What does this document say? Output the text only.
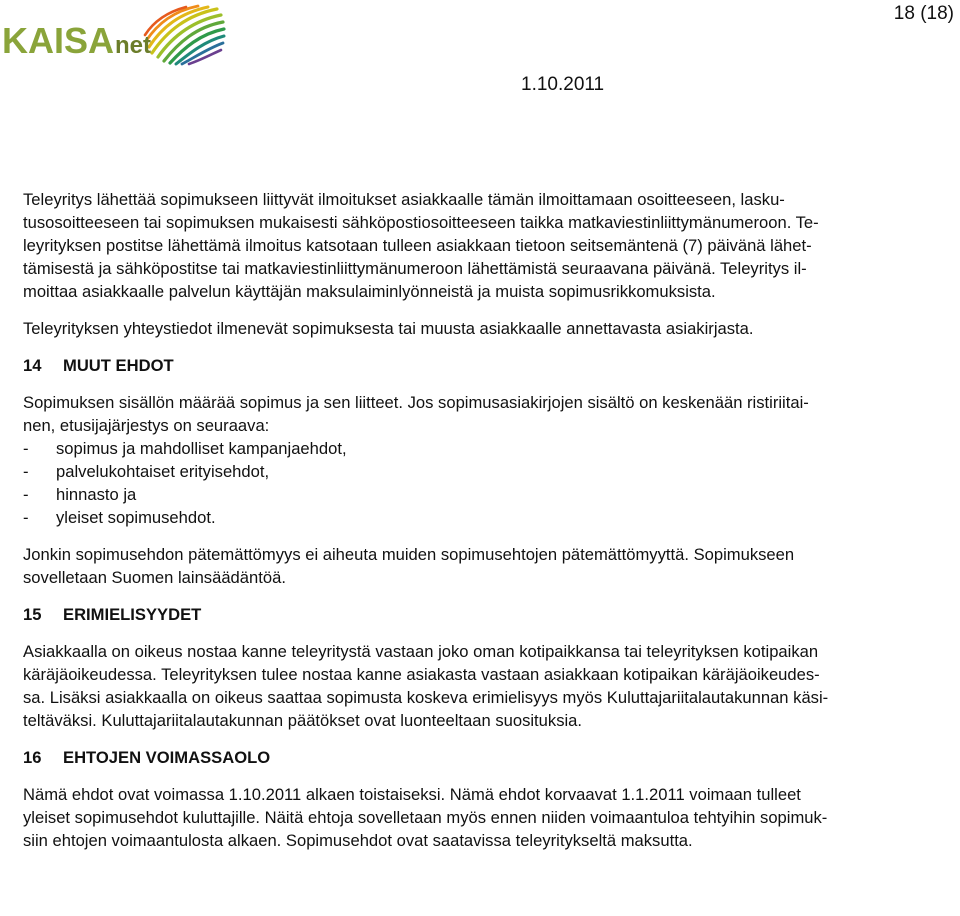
KAISA net
18 (18)
1.10.2011

Teleyritys lähettää sopimukseen liittyvät ilmoitukset asiakkaalle tämän ilmoittamaan osoitteeseen, lasku-
tusosoitteeseen tai sopimuksen mukaisesti sähköpostiosoitteeseen taikka matkaviestinliittymänumeroon. Te-
leyrityksen postitse lähettämä ilmoitus katsotaan tulleen asiakkaan tietoon seitsemäntenä (7) päivänä lähet-
tämisestä ja sähköpostitse tai matkaviestinliittymänumeroon lähettämistä seuraavana päivänä. Teleyritys il-
moittaa asiakkaalle palvelun käyttäjän maksulaiminlyönneistä ja muista sopimusrikkomuksista.

Teleyrityksen yhteystiedot ilmenevät sopimuksesta tai muusta asiakkaalle annettavasta asiakirjasta.

14	MUUT EHDOT

Sopimuksen sisällön määrää sopimus ja sen liitteet. Jos sopimusasiakirjojen sisältö on keskenään ristiriitai-
nen, etusijajärjestys on seuraava:

-	sopimus ja mahdolliset kampanjaehdot,
-	palvelukohtaiset erityisehdot,
-	hinnasto ja
-	yleiset sopimusehdot.

Jonkin sopimusehdon pätemättömyys ei aiheuta muiden sopimusehtojen pätemättömyyttä. Sopimukseen
sovelletaan Suomen lainsäädäntöä.

15	ERIMIELISYYDET

Asiakkaalla on oikeus nostaa kanne teleyritystä vastaan joko oman kotipaikkansa tai teleyrityksen kotipaikan
käräjäoikeudessa. Teleyrityksen tulee nostaa kanne asiakasta vastaan asiakkaan kotipaikan käräjäoikeudes-
sa. Lisäksi asiakkaalla on oikeus saattaa sopimusta koskeva erimielisyys myös Kuluttajariitalautakunnan käsi-
teltäväksi. Kuluttajariitalautakunnan päätökset ovat luonteeltaan suosituksia.

16	EHTOJEN VOIMASSAOLO

Nämä ehdot ovat voimassa 1.10.2011 alkaen toistaiseksi. Nämä ehdot korvaavat 1.1.2011 voimaan tulleet
yleiset sopimusehdot kuluttajille. Näitä ehtoja sovelletaan myös ennen niiden voimaantuloa tehtyihin sopimuk-
siin ehtojen voimaantulosta alkaen. Sopimusehdot ovat saatavissa teleyritykseltä maksutta.
